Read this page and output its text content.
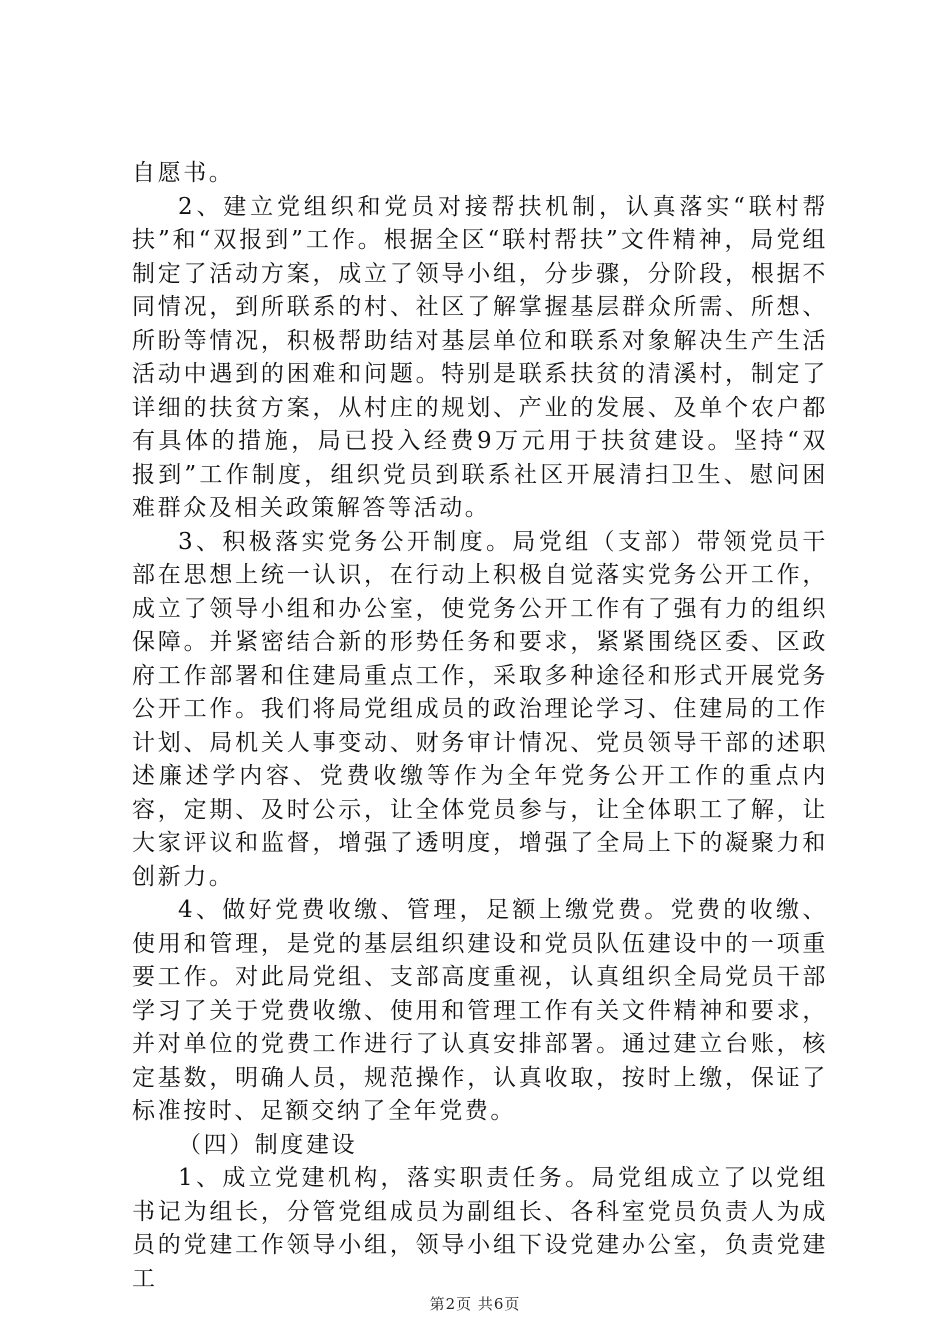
自愿书。

2、建立党组织和党员对接帮扶机制，认真落实“联村帮扶”和“双报到”工作。根据全区“联村帮扶”文件精神，局党组制定了活动方案，成立了领导小组，分步骤，分阶段，根据不同情况，到所联系的村、社区了解掌握基层群众所需、所想、所盼等情况，积极帮助结对基层单位和联系对象解决生产生活活动中遇到的困难和问题。特别是联系扶贫的清溪村，制定了详细的扶贫方案，从村庄的规划、产业的发展、及单个农户都有具体的措施，局已投入经费9万元用于扶贫建设。坚持“双报到”工作制度，组织党员到联系社区开展清扫卫生、慰问困难群众及相关政策解答等活动。

3、积极落实党务公开制度。局党组（支部）带领党员干部在思想上统一认识，在行动上积极自觉落实党务公开工作，成立了领导小组和办公室，使党务公开工作有了强有力的组织保障。并紧密结合新的形势任务和要求，紧紧围绕区委、区政府工作部署和住建局重点工作，采取多种途径和形式开展党务公开工作。我们将局党组成员的政治理论学习、住建局的工作计划、局机关人事变动、财务审计情况、党员领导干部的述职述廉述学内容、党费收缴等作为全年党务公开工作的重点内容，定期、及时公示，让全体党员参与，让全体职工了解，让大家评议和监督，增强了透明度，增强了全局上下的凝聚力和创新力。

4、做好党费收缴、管理，足额上缴党费。党费的收缴、使用和管理，是党的基层组织建设和党员队伍建设中的一项重要工作。对此局党组、支部高度重视，认真组织全局党员干部学习了关于党费收缴、使用和管理工作有关文件精神和要求，并对单位的党费工作进行了认真安排部署。通过建立台账，核定基数，明确人员，规范操作，认真收取，按时上缴，保证了标准按时、足额交纳了全年党费。

（四）制度建设

1、成立党建机构，落实职责任务。局党组成立了以党组书记为组长，分管党组成员为副组长、各科室党员负责人为成员的党建工作领导小组，领导小组下设党建办公室，负责党建工

第2页 共6页
